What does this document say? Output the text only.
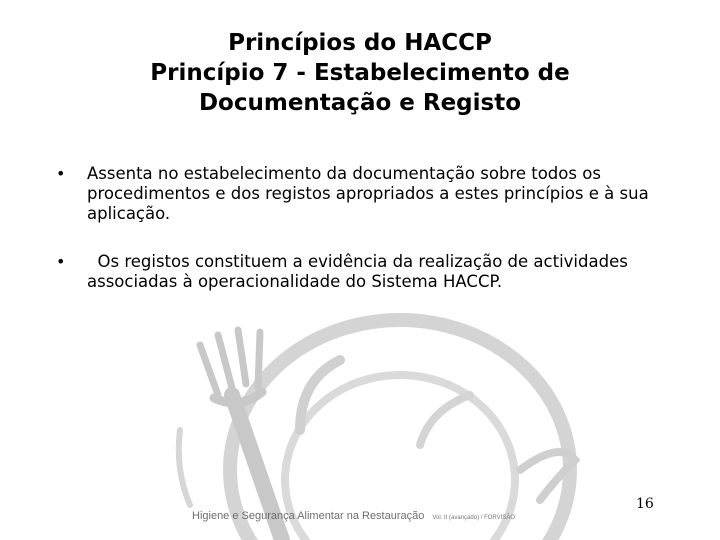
Princípios do HACCP
Princípio 7 - Estabelecimento de
Documentação e Registo
•	Assenta no estabelecimento da documentação sobre todos os procedimentos e dos registos apropriados a estes princípios e à sua aplicação.
•	Os registos constituem a evidência da realização de actividades associadas à operacionalidade do Sistema HACCP.
16
Higiene e Segurança Alimentar na Restauração Vol. II (avançado) / FORVISÃO
